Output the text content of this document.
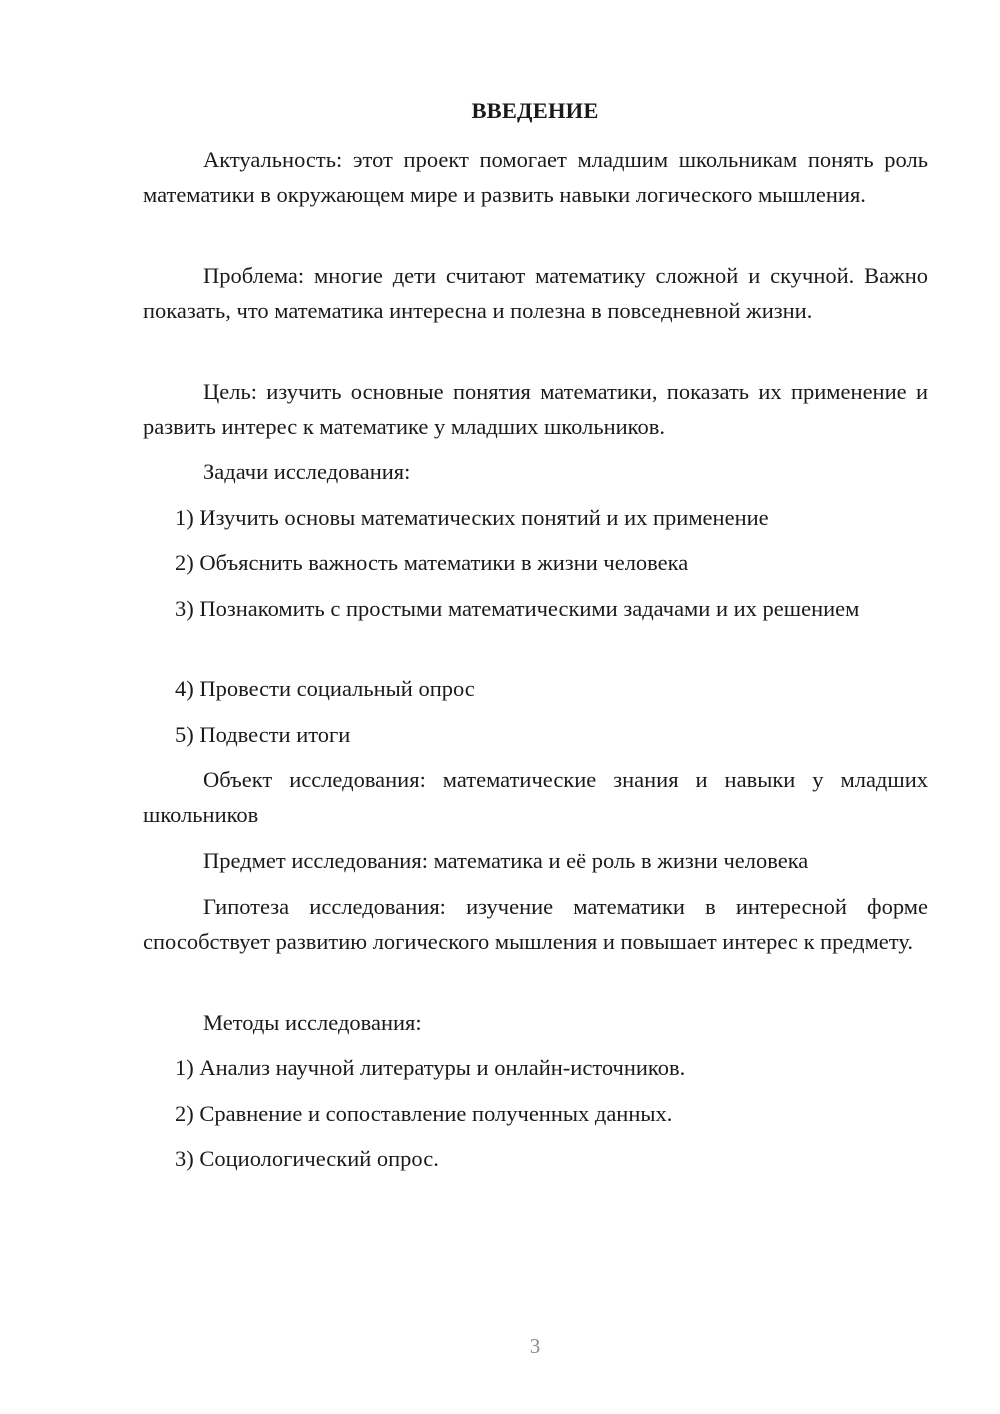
ВВЕДЕНИЕ

Актуальность: этот проект помогает младшим школьникам понять роль математики в окружающем мире и развить навыки логического мышления.

Проблема: многие дети считают математику сложной и скучной. Важно показать, что математика интересна и полезна в повседневной жизни.

Цель: изучить основные понятия математики, показать их применение и развить интерес к математике у младших школьников.

Задачи исследования:

1) Изучить основы математических понятий и их применение

2) Объяснить важность математики в жизни человека

3) Познакомить с простыми математическими задачами и их решением

4) Провести социальный опрос

5) Подвести итоги

Объект исследования: математические знания и навыки у младших школьников

Предмет исследования: математика и её роль в жизни человека

Гипотеза исследования: изучение математики в интересной форме способствует развитию логического мышления и повышает интерес к предмету.

Методы исследования:

1) Анализ научной литературы и онлайн-источников.

2) Сравнение и сопоставление полученных данных.

3) Социологический опрос.

3
